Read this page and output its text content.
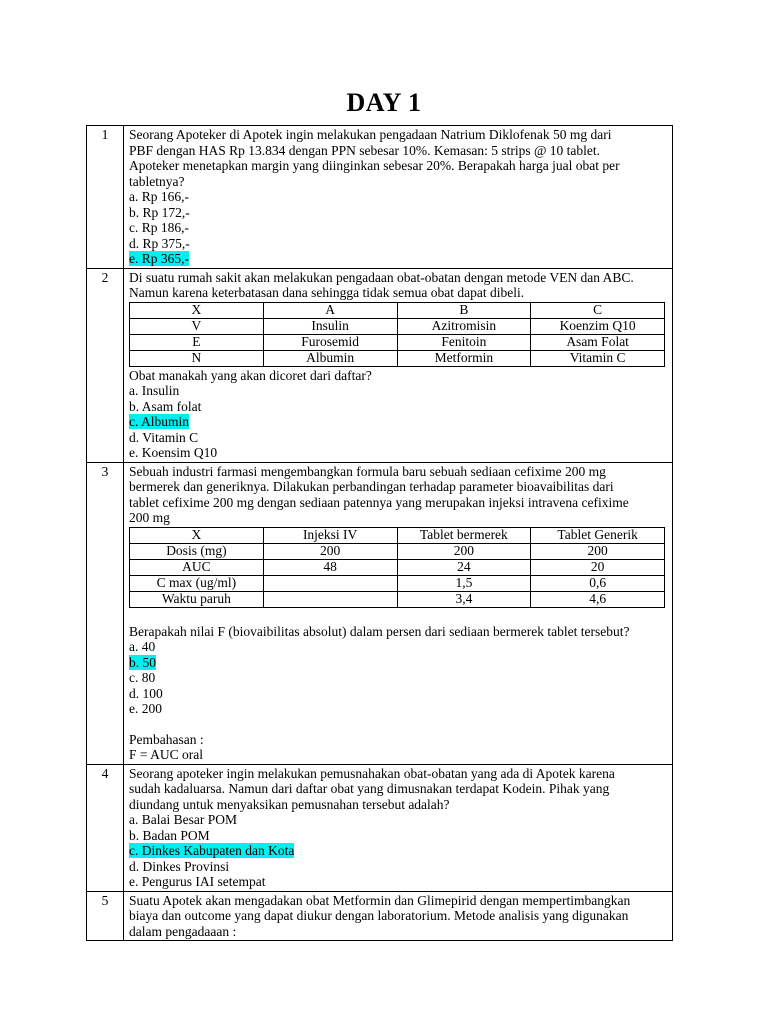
DAY 1
1	Seorang Apoteker di Apotek ingin melakukan pengadaan Natrium Diklofenak 50 mg dari
PBF dengan HAS Rp 13.834 dengan PPN sebesar 10%. Kemasan: 5 strips @ 10 tablet.
Apoteker menetapkan margin yang diinginkan sebesar 20%. Berapakah harga jual obat per
tabletnya?
a. Rp 166,-
b. Rp 172,-
c. Rp 186,-
d. Rp 375,-
e. Rp 365,-

2	Di suatu rumah sakit akan melakukan pengadaan obat-obatan dengan metode VEN dan ABC.
Namun karena keterbatasan dana sehingga tidak semua obat dapat dibeli.
X	A	B	C
V	Insulin	Azitromisin	Koenzim Q10
E	Furosemid	Fenitoin	Asam Folat
N	Albumin	Metformin	Vitamin C
Obat manakah yang akan dicoret dari daftar?
a. Insulin
b. Asam folat
c. Albumin
d. Vitamin C
e. Koensim Q10

3	Sebuah industri farmasi mengembangkan formula baru sebuah sediaan cefixime 200 mg
bermerek dan generiknya. Dilakukan perbandingan terhadap parameter bioavaibilitas dari
tablet cefixime 200 mg dengan sediaan patennya yang merupakan injeksi intravena cefixime
200 mg
X	Injeksi IV	Tablet bermerek	Tablet Generik
Dosis (mg)	200	200	200
AUC	48	24	20
C max (ug/ml)		1,5	0,6
Waktu paruh		3,4	4,6
Berapakah nilai F (biovaibilitas absolut) dalam persen dari sediaan bermerek tablet tersebut?
a. 40
b. 50
c. 80
d. 100
e. 200
Pembahasan :
F = AUC oral

4	Seorang apoteker ingin melakukan pemusnahakan obat-obatan yang ada di Apotek karena
sudah kadaluarsa. Namun dari daftar obat yang dimusnakan terdapat Kodein. Pihak yang
diundang untuk menyaksikan pemusnahan tersebut adalah?
a. Balai Besar POM
b. Badan POM
c. Dinkes Kabupaten dan Kota
d. Dinkes Provinsi
e. Pengurus IAI setempat

5	Suatu Apotek akan mengadakan obat Metformin dan Glimepirid dengan mempertimbangkan
biaya dan outcome yang dapat diukur dengan laboratorium. Metode analisis yang digunakan
dalam pengadaaan :
